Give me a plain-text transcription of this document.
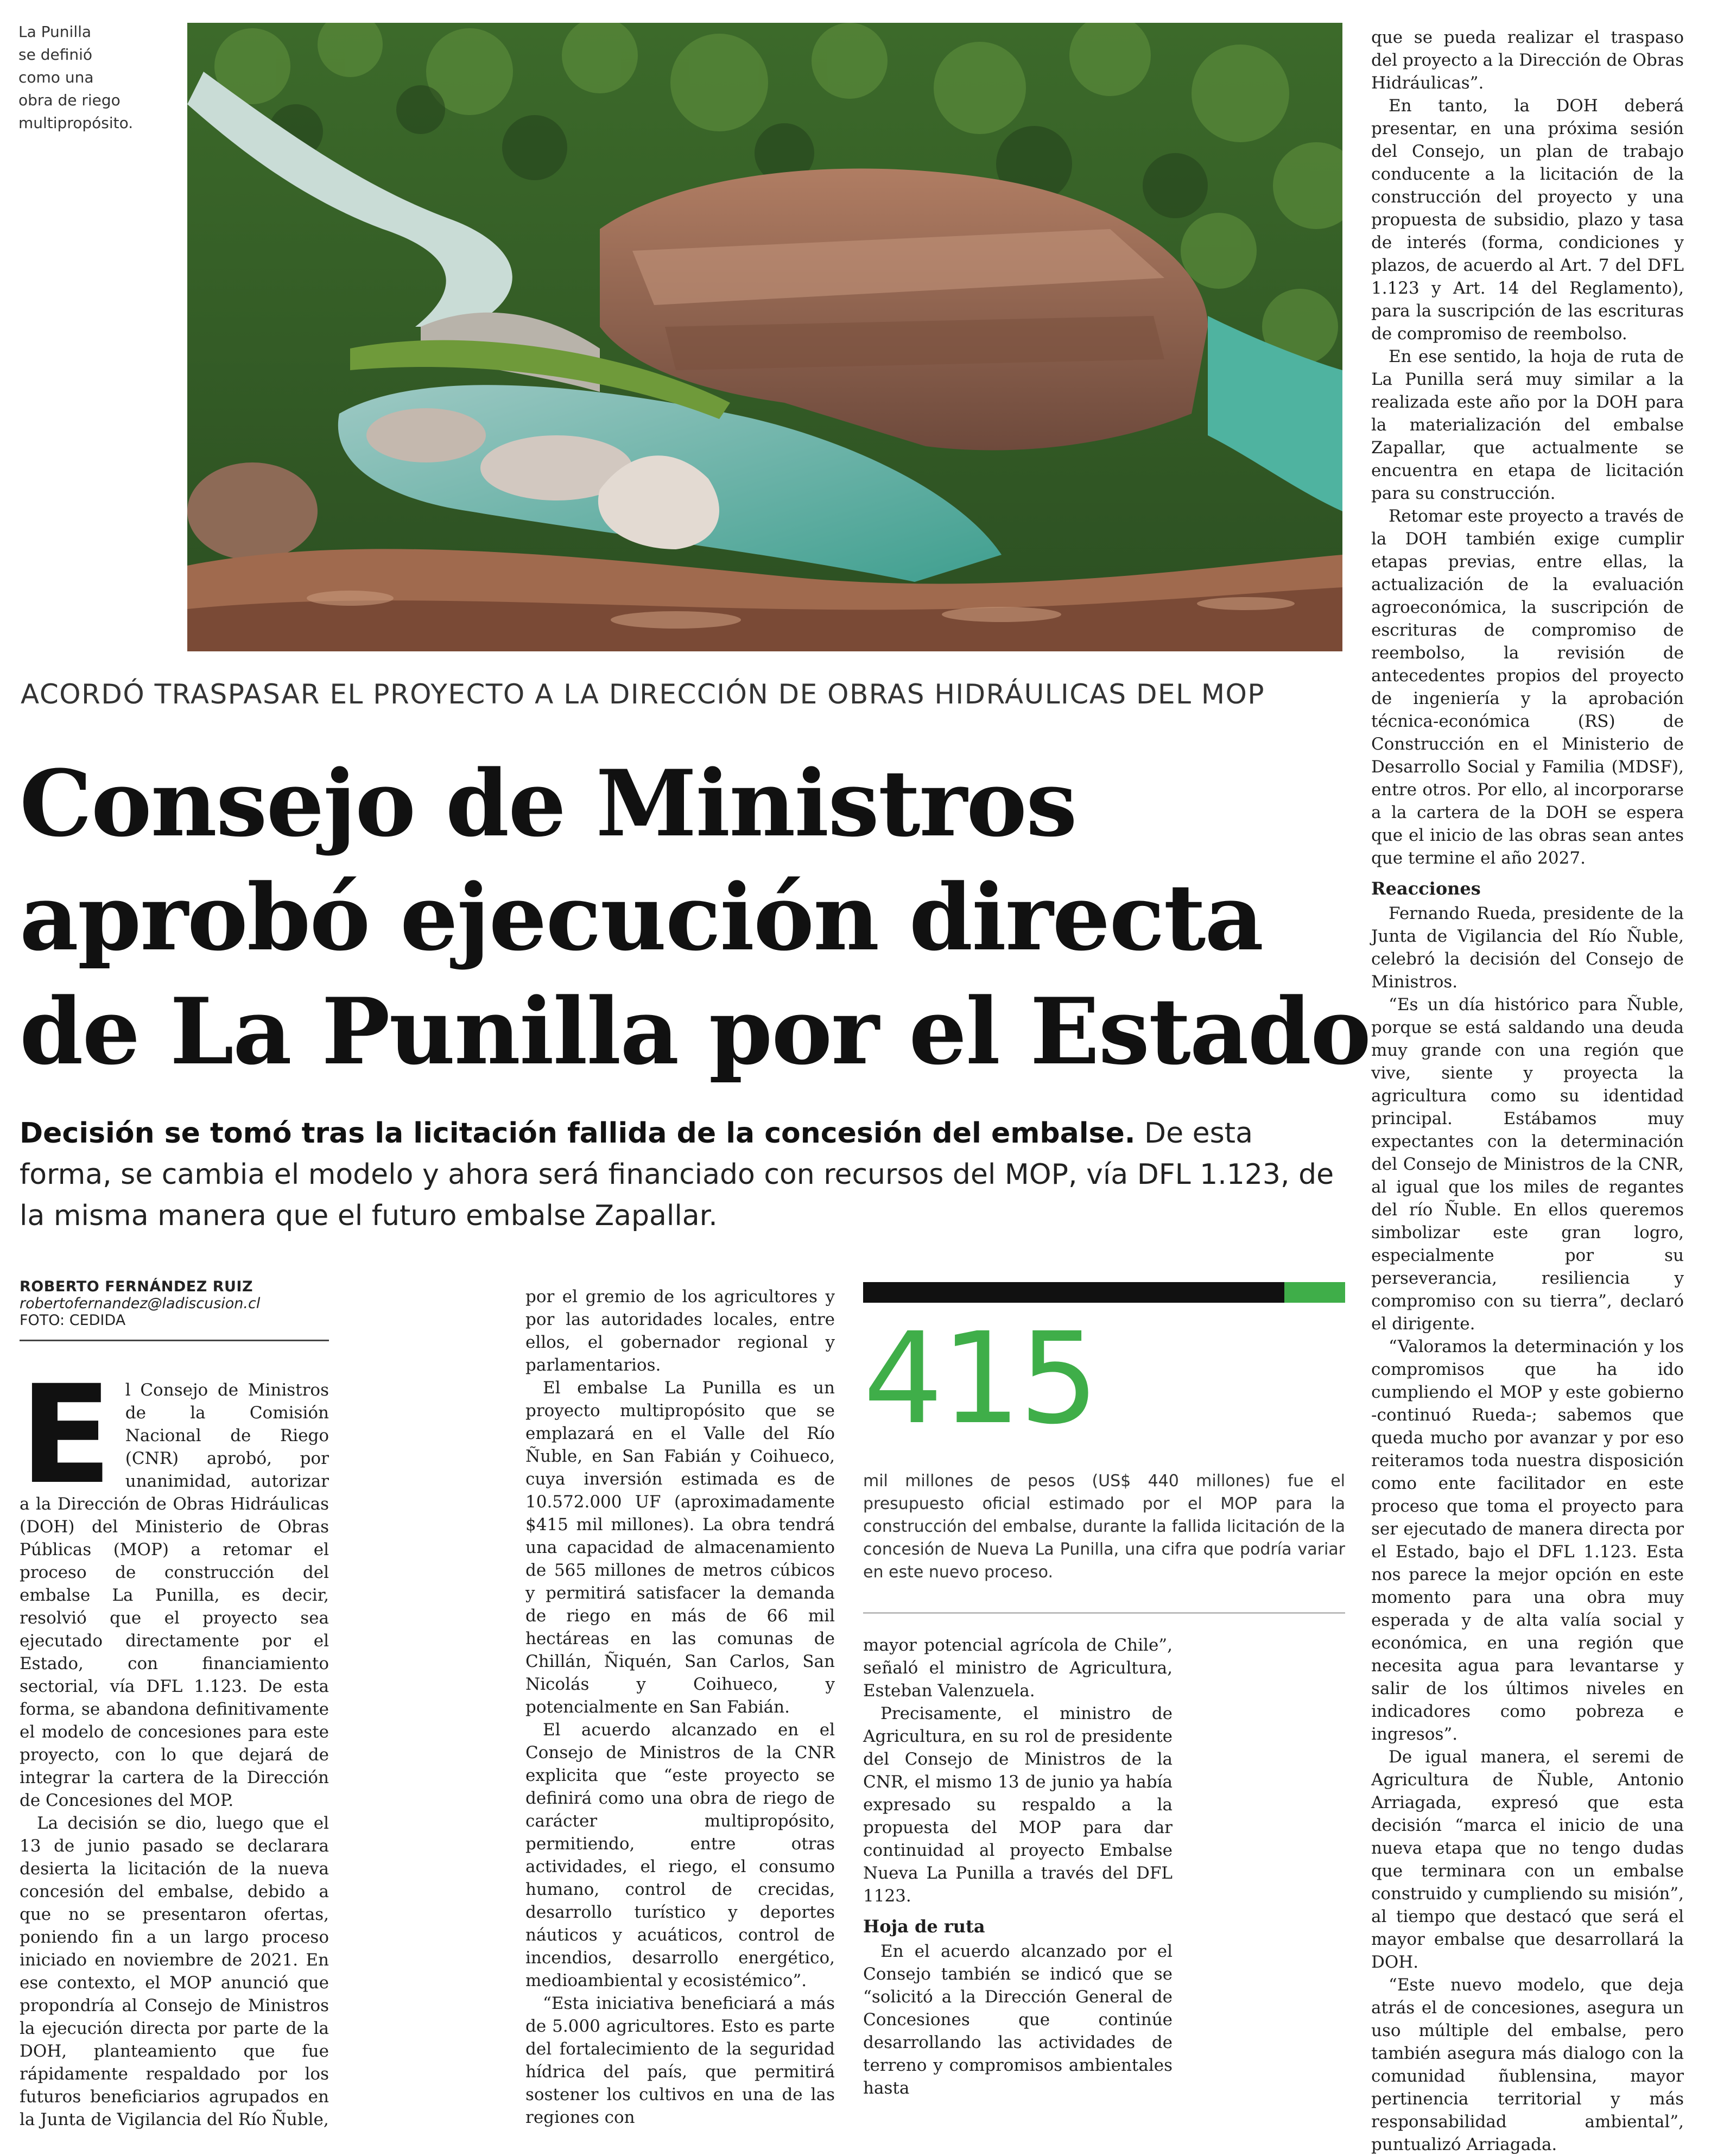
La Punilla
se definió
como una
obra de riego
multipropósito.
ACORDÓ TRASPASAR EL PROYECTO A LA DIRECCIÓN DE OBRAS HIDRÁULICAS DEL MOP
Consejo de Ministros
aprobó ejecución directa
de La Punilla por el Estado
Decisión se tomó tras la licitación fallida de la concesión del embalse. De esta forma, se cambia el modelo y ahora será financiado con recursos del MOP, vía DFL 1.123, de la misma manera que el futuro embalse Zapallar.
ROBERTO FERNÁNDEZ RUIZ
robertofernandez@ladiscusion.cl
FOTO: CEDIDA
E l Consejo de Ministros de la Comisión Nacional de Riego (CNR) aprobó, por unanimidad, autorizar a la Dirección de Obras Hidráulicas (DOH) del Ministerio de Obras Públicas (MOP) a retomar el proceso de construcción del embalse La Punilla, es decir, resolvió que el proyecto sea ejecutado directamente por el Estado, con financiamiento sectorial, vía DFL 1.123. De esta forma, se abandona definitivamente el modelo de concesiones para este proyecto, con lo que dejará de integrar la cartera de la Dirección de Concesiones del MOP.

La decisión se dio, luego que el 13 de junio pasado se declarara desierta la licitación de la nueva concesión del embalse, debido a que no se presentaron ofertas, poniendo fin a un largo proceso iniciado en noviembre de 2021. En ese contexto, el MOP anunció que propondría al Consejo de Ministros la ejecución directa por parte de la DOH, planteamiento que fue rápidamente respaldado por los futuros beneficiarios agrupados en la Junta de Vigilancia del Río Ñuble,

por el gremio de los agricultores y por las autoridades locales, entre ellos, el gobernador regional y parlamentarios.

El embalse La Punilla es un proyecto multipropósito que se emplazará en el Valle del Río Ñuble, en San Fabián y Coihueco, cuya inversión estimada es de 10.572.000 UF (aproximadamente $415 mil millones). La obra tendrá una capacidad de almacenamiento de 565 millones de metros cúbicos y permitirá satisfacer la demanda de riego en más de 66 mil hectáreas en las comunas de Chillán, Ñiquén, San Carlos, San Nicolás y Coihueco, y potencialmente en San Fabián.

El acuerdo alcanzado en el Consejo de Ministros de la CNR explicita que “este proyecto se definirá como una obra de riego de carácter multipropósito, permitiendo, entre otras actividades, el riego, el consumo humano, control de crecidas, desarrollo turístico y deportes náuticos y acuáticos, control de incendios, desarrollo energético, medioambiental y ecosistémico”.

“Esta iniciativa beneficiará a más de 5.000 agricultores. Esto es parte del fortalecimiento de la seguridad hídrica del país, que permitirá sostener los cultivos en una de las regiones con

415
mil millones de pesos (US$ 440 millones) fue el presupuesto oficial estimado por el MOP para la construcción del embalse, durante la fallida licitación de la concesión de Nueva La Punilla, una cifra que podría variar en este nuevo proceso.

mayor potencial agrícola de Chile”, señaló el ministro de Agricultura, Esteban Valenzuela.

Precisamente, el ministro de Agricultura, en su rol de presidente del Consejo de Ministros de la CNR, el mismo 13 de junio ya había expresado su respaldo a la propuesta del MOP para dar continuidad al proyecto Embalse Nueva La Punilla a través del DFL 1123.

Hoja de ruta

En el acuerdo alcanzado por el Consejo también se indicó que se “solicitó a la Dirección General de Concesiones que continúe desarrollando las actividades de terreno y compromisos ambientales hasta

que se pueda realizar el traspaso del proyecto a la Dirección de Obras Hidráulicas”.

En tanto, la DOH deberá presentar, en una próxima sesión del Consejo, un plan de trabajo conducente a la licitación de la construcción del proyecto y una propuesta de subsidio, plazo y tasa de interés (forma, condiciones y plazos, de acuerdo al Art. 7 del DFL 1.123 y Art. 14 del Reglamento), para la suscripción de las escrituras de compromiso de reembolso.

En ese sentido, la hoja de ruta de La Punilla será muy similar a la realizada este año por la DOH para la materialización del embalse Zapallar, que actualmente se encuentra en etapa de licitación para su construcción.

Retomar este proyecto a través de la DOH también exige cumplir etapas previas, entre ellas, la actualización de la evaluación agroeconómica, la suscripción de escrituras de compromiso de reembolso, la revisión de antecedentes propios del proyecto de ingeniería y la aprobación técnica-económica (RS) de Construcción en el Ministerio de Desarrollo Social y Familia (MDSF), entre otros. Por ello, al incorporarse a la cartera de la DOH se espera que el inicio de las obras sean antes que termine el año 2027.

Reacciones

Fernando Rueda, presidente de la Junta de Vigilancia del Río Ñuble, celebró la decisión del Consejo de Ministros.

“Es un día histórico para Ñuble, porque se está saldando una deuda muy grande con una región que vive, siente y proyecta la agricultura como su identidad principal. Estábamos muy expectantes con la determinación del Consejo de Ministros de la CNR, al igual que los miles de regantes del río Ñuble. En ellos queremos simbolizar este gran logro, especialmente por su perseverancia, resiliencia y compromiso con su tierra”, declaró el dirigente.

“Valoramos la determinación y los compromisos que ha ido cumpliendo el MOP y este gobierno -continuó Rueda-; sabemos que queda mucho por avanzar y por eso reiteramos toda nuestra disposición como ente facilitador en este proceso que toma el proyecto para ser ejecutado de manera directa por el Estado, bajo el DFL 1.123. Esta nos parece la mejor opción en este momento para una obra muy esperada y de alta valía social y económica, en una región que necesita agua para levantarse y salir de los últimos niveles en indicadores como pobreza e ingresos”.

De igual manera, el seremi de Agricultura de Ñuble, Antonio Arriagada, expresó que esta decisión “marca el inicio de una nueva etapa que no tengo dudas que terminara con un embalse construido y cumpliendo su misión”, al tiempo que destacó que será el mayor embalse que desarrollará la DOH.

“Este nuevo modelo, que deja atrás el de concesiones, asegura un uso múltiple del embalse, pero también asegura más dialogo con la comunidad ñublensina, mayor pertinencia territorial y más responsabilidad ambiental”, puntualizó Arriagada.
